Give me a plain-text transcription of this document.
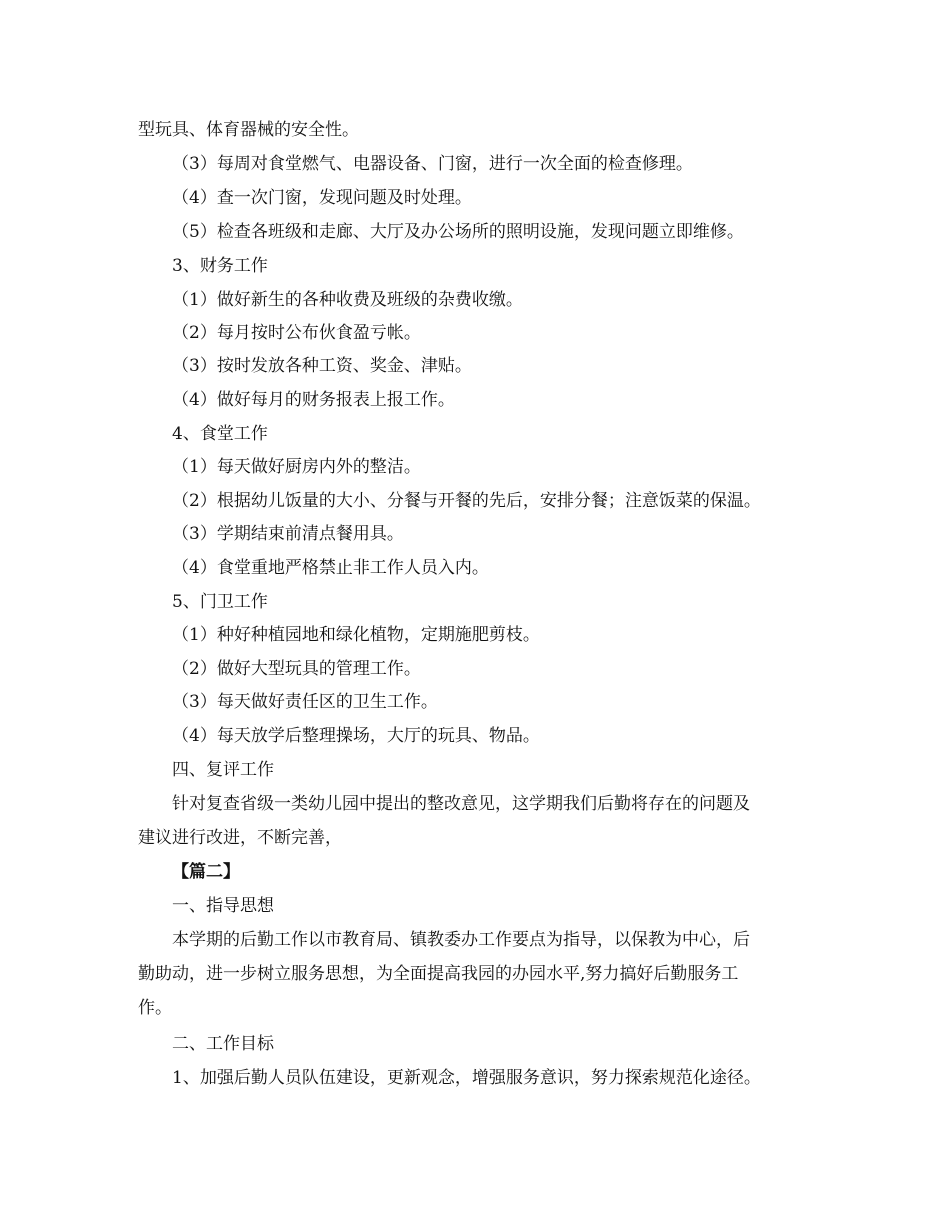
型玩具、体育器械的安全性。
（3）每周对食堂燃气、电器设备、门窗，进行一次全面的检查修理。
（4）查一次门窗，发现问题及时处理。
（5）检查各班级和走廊、大厅及办公场所的照明设施，发现问题立即维修。
3、财务工作
（1）做好新生的各种收费及班级的杂费收缴。
（2）每月按时公布伙食盈亏帐。
（3）按时发放各种工资、奖金、津贴。
（4）做好每月的财务报表上报工作。
4、食堂工作
（1）每天做好厨房内外的整洁。
（2）根据幼儿饭量的大小、分餐与开餐的先后，安排分餐；注意饭菜的保温。
（3）学期结束前清点餐用具。
（4）食堂重地严格禁止非工作人员入内。
5、门卫工作
（1）种好种植园地和绿化植物，定期施肥剪枝。
（2）做好大型玩具的管理工作。
（3）每天做好责任区的卫生工作。
（4）每天放学后整理操场，大厅的玩具、物品。
四、复评工作
针对复查省级一类幼儿园中提出的整改意见，这学期我们后勤将存在的问题及
建议进行改进，不断完善，
【篇二】
一、指导思想
本学期的后勤工作以市教育局、镇教委办工作要点为指导，以保教为中心，后
勤助动，进一步树立服务思想，为全面提高我园的办园水平,努力搞好后勤服务工
作。
二、工作目标
1、加强后勤人员队伍建设，更新观念，增强服务意识，努力探索规范化途径。
